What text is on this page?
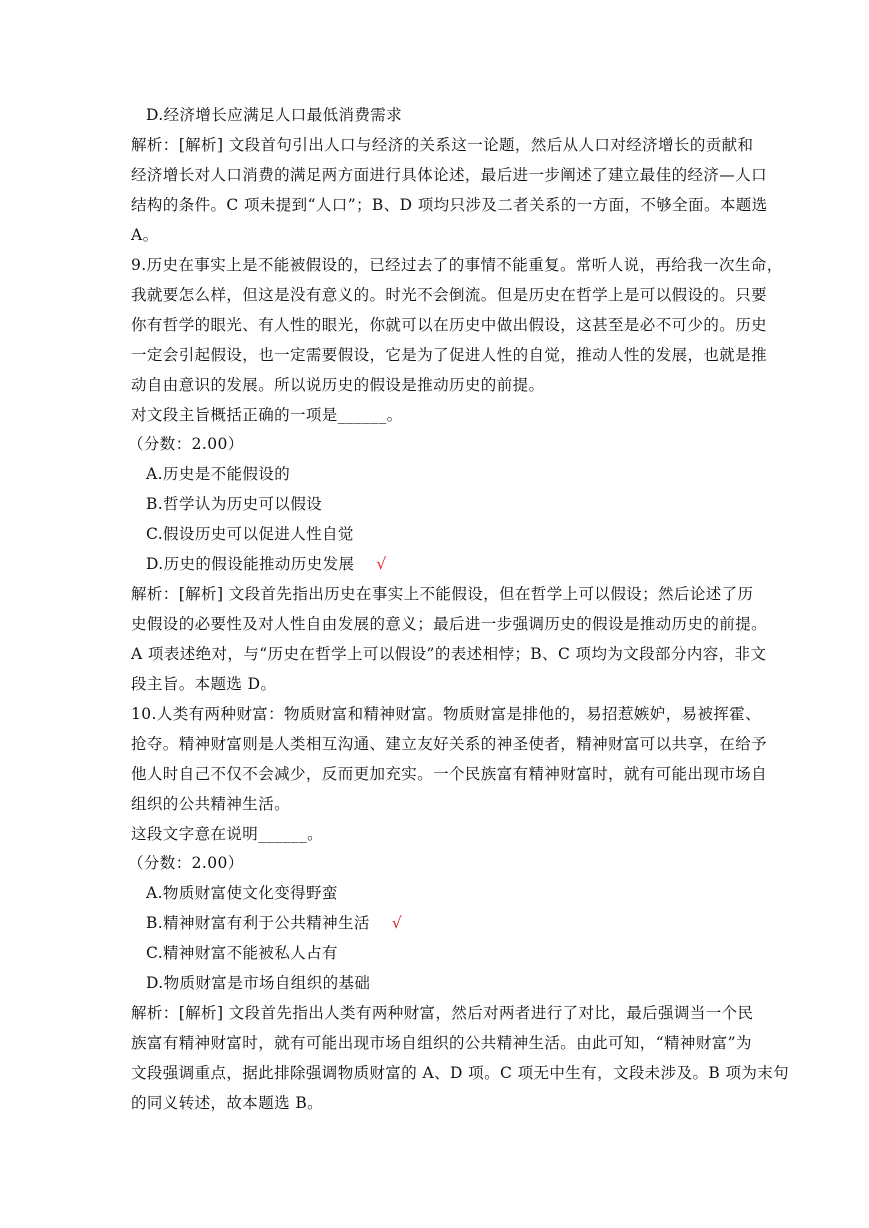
D.经济增长应满足人口最低消费需求
解析：[解析] 文段首句引出人口与经济的关系这一论题，然后从人口对经济增长的贡献和
经济增长对人口消费的满足两方面进行具体论述，最后进一步阐述了建立最佳的经济—人口
结构的条件。C 项未提到“人口”；B、D 项均只涉及二者关系的一方面，不够全面。本题选
A。
9.历史在事实上是不能被假设的，已经过去了的事情不能重复。常听人说，再给我一次生命，
我就要怎么样，但这是没有意义的。时光不会倒流。但是历史在哲学上是可以假设的。只要
你有哲学的眼光、有人性的眼光，你就可以在历史中做出假设，这甚至是必不可少的。历史
一定会引起假设，也一定需要假设，它是为了促进人性的自觉，推动人性的发展，也就是推
动自由意识的发展。所以说历史的假设是推动历史的前提。
对文段主旨概括正确的一项是______。
（分数：2.00）
A.历史是不能假设的
B.哲学认为历史可以假设
C.假设历史可以促进人性自觉
D.历史的假设能推动历史发展 √
解析：[解析] 文段首先指出历史在事实上不能假设，但在哲学上可以假设；然后论述了历
史假设的必要性及对人性自由发展的意义；最后进一步强调历史的假设是推动历史的前提。
A 项表述绝对，与“历史在哲学上可以假设”的表述相悖；B、C 项均为文段部分内容，非文
段主旨。本题选 D。
10.人类有两种财富：物质财富和精神财富。物质财富是排他的，易招惹嫉妒，易被挥霍、
抢夺。精神财富则是人类相互沟通、建立友好关系的神圣使者，精神财富可以共享，在给予
他人时自己不仅不会减少，反而更加充实。一个民族富有精神财富时，就有可能出现市场自
组织的公共精神生活。
这段文字意在说明______。
（分数：2.00）
A.物质财富使文化变得野蛮
B.精神财富有利于公共精神生活 √
C.精神财富不能被私人占有
D.物质财富是市场自组织的基础
解析：[解析] 文段首先指出人类有两种财富，然后对两者进行了对比，最后强调当一个民
族富有精神财富时，就有可能出现市场自组织的公共精神生活。由此可知，“精神财富”为
文段强调重点，据此排除强调物质财富的 A、D 项。C 项无中生有，文段未涉及。B 项为末句
的同义转述，故本题选 B。
